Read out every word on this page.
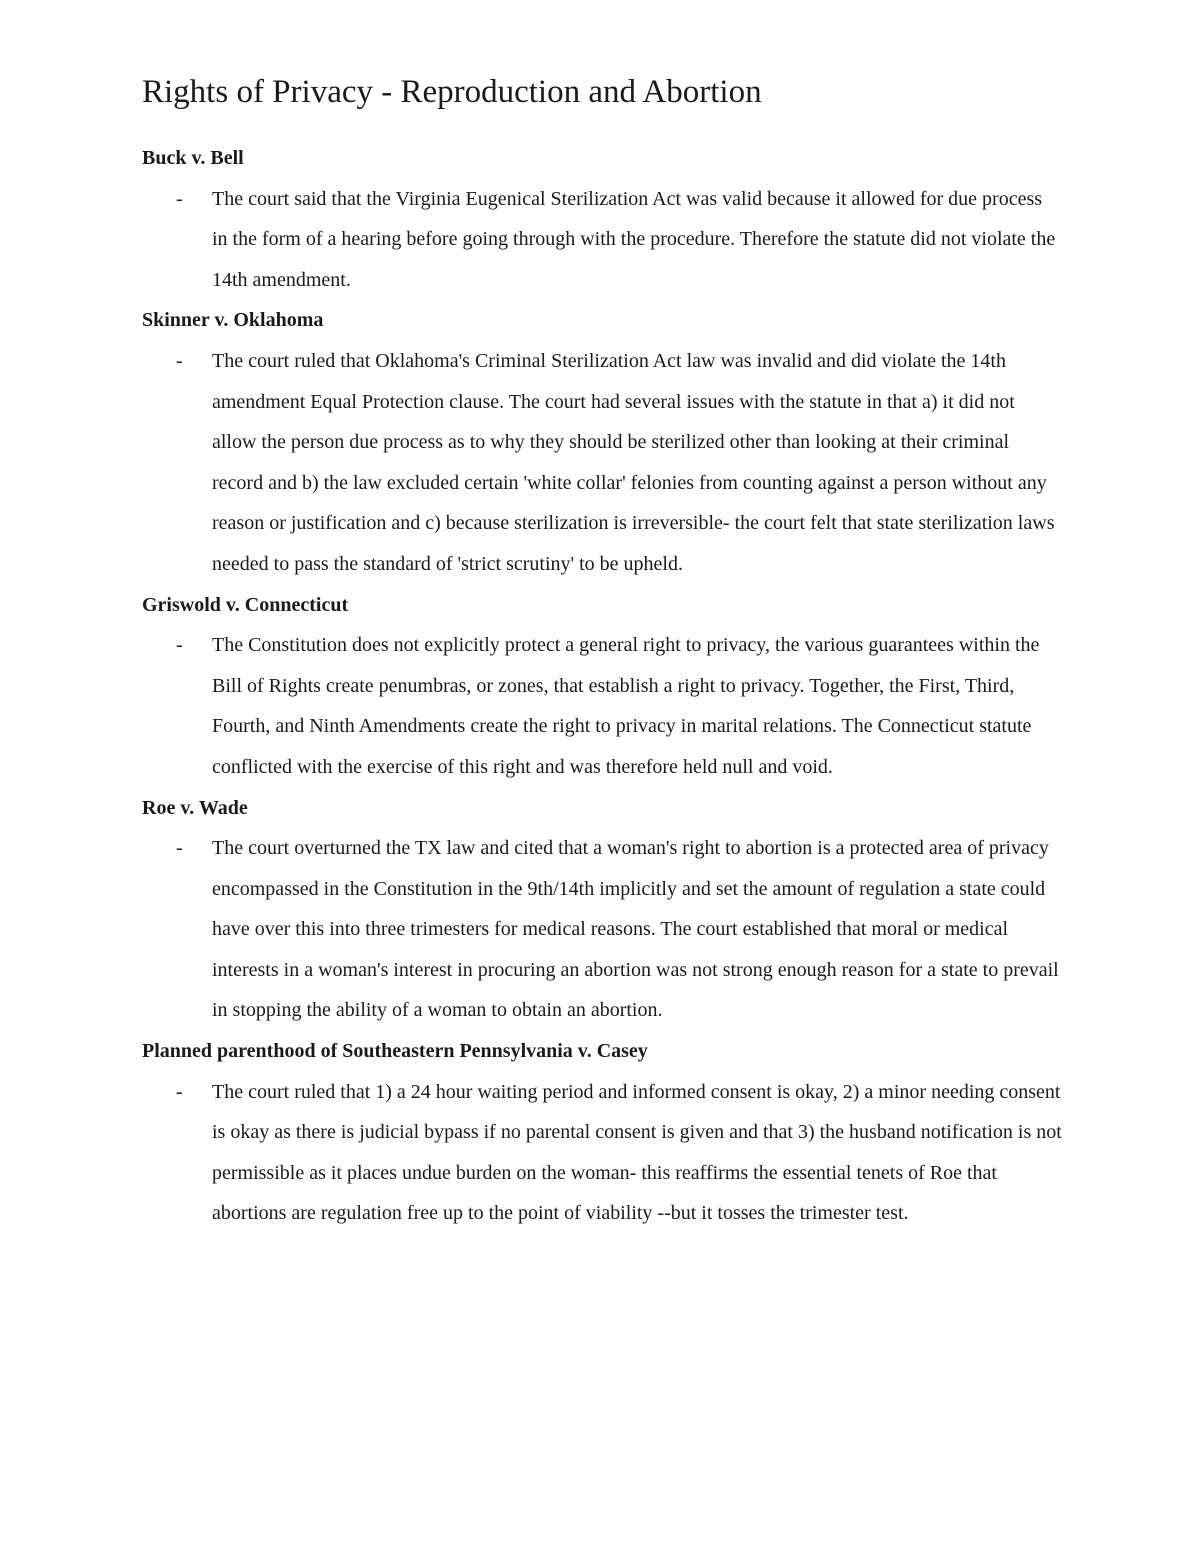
Rights of Privacy - Reproduction and Abortion

Buck v. Bell

- The court said that the Virginia Eugenical Sterilization Act was valid because it allowed for due process in the form of a hearing before going through with the procedure. Therefore the statute did not violate the 14th amendment.

Skinner v. Oklahoma

- The court ruled that Oklahoma's Criminal Sterilization Act law was invalid and did violate the 14th amendment Equal Protection clause. The court had several issues with the statute in that a) it did not allow the person due process as to why they should be sterilized other than looking at their criminal record and b) the law excluded certain 'white collar' felonies from counting against a person without any reason or justification and c) because sterilization is irreversible- the court felt that state sterilization laws needed to pass the standard of 'strict scrutiny' to be upheld.

Griswold v. Connecticut

- The Constitution does not explicitly protect a general right to privacy, the various guarantees within the Bill of Rights create penumbras, or zones, that establish a right to privacy. Together, the First, Third, Fourth, and Ninth Amendments create the right to privacy in marital relations. The Connecticut statute conflicted with the exercise of this right and was therefore held null and void.

Roe v. Wade

- The court overturned the TX law and cited that a woman's right to abortion is a protected area of privacy encompassed in the Constitution in the 9th/14th implicitly and set the amount of regulation a state could have over this into three trimesters for medical reasons. The court established that moral or medical interests in a woman's interest in procuring an abortion was not strong enough reason for a state to prevail in stopping the ability of a woman to obtain an abortion.

Planned parenthood of Southeastern Pennsylvania v. Casey

- The court ruled that 1) a 24 hour waiting period and informed consent is okay, 2) a minor needing consent is okay as there is judicial bypass if no parental consent is given and that 3) the husband notification is not permissible as it places undue burden on the woman- this reaffirms the essential tenets of Roe that abortions are regulation free up to the point of viability --but it tosses the trimester test.
